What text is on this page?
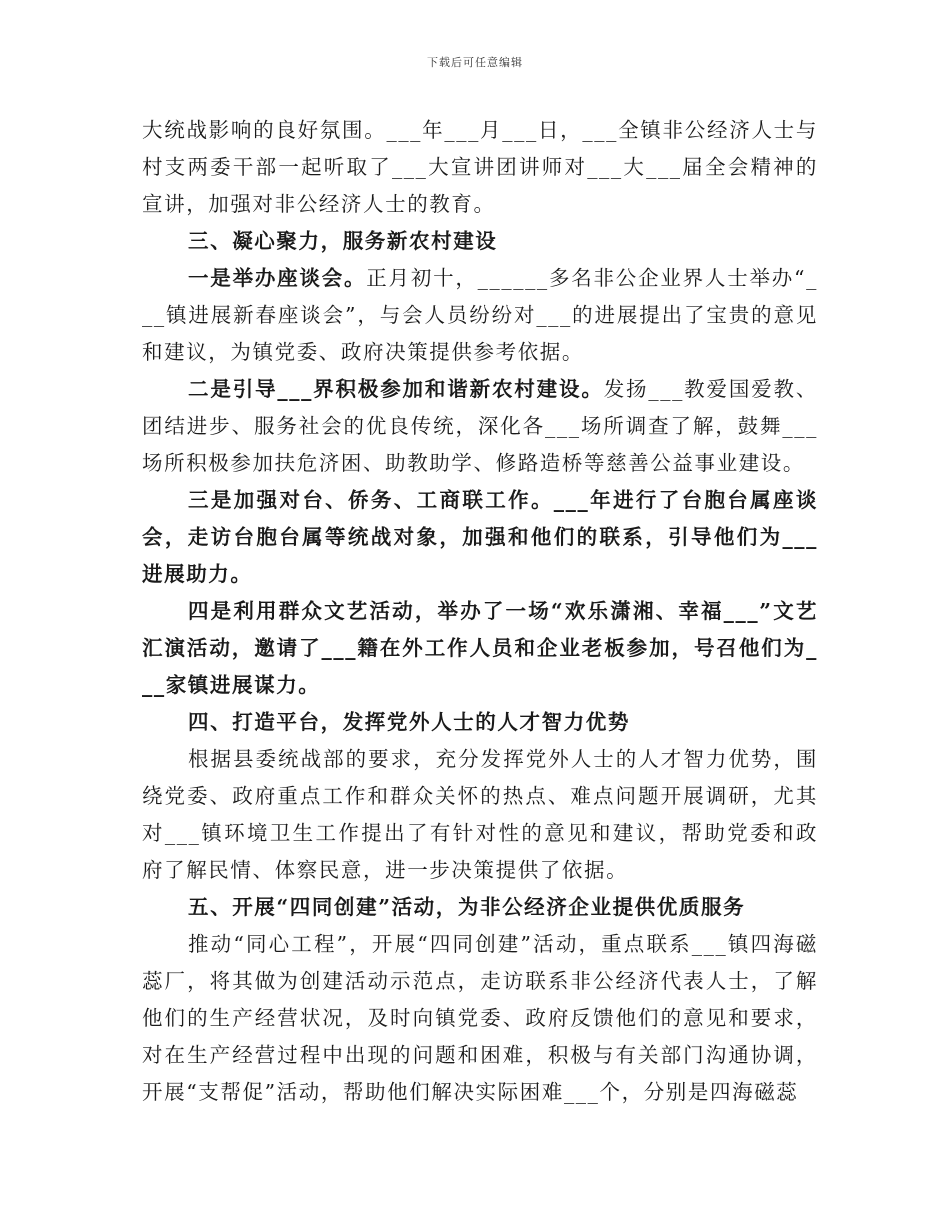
下载后可任意编辑

大统战影响的良好氛围。___年___月___日，___全镇非公经济人士与村支两委干部一起听取了___大宣讲团讲师对___大___届全会精神的宣讲，加强对非公经济人士的教育。

三、凝心聚力，服务新农村建设

一是举办座谈会。正月初十，______多名非公企业界人士举办“___镇进展新春座谈会”，与会人员纷纷对___的进展提出了宝贵的意见和建议，为镇党委、政府决策提供参考依据。

二是引导___界积极参加和谐新农村建设。发扬___教爱国爱教、团结进步、服务社会的优良传统，深化各___场所调查了解，鼓舞___场所积极参加扶危济困、助教助学、修路造桥等慈善公益事业建设。

三是加强对台、侨务、工商联工作。___年进行了台胞台属座谈会，走访台胞台属等统战对象，加强和他们的联系，引导他们为___进展助力。

四是利用群众文艺活动，举办了一场“欢乐潇湘、幸福___”文艺汇演活动，邀请了___籍在外工作人员和企业老板参加，号召他们为___家镇进展谋力。

四、打造平台，发挥党外人士的人才智力优势

根据县委统战部的要求，充分发挥党外人士的人才智力优势，围绕党委、政府重点工作和群众关怀的热点、难点问题开展调研，尤其对___镇环境卫生工作提出了有针对性的意见和建议，帮助党委和政府了解民情、体察民意，进一步决策提供了依据。

五、开展“四同创建”活动，为非公经济企业提供优质服务

推动“同心工程”，开展“四同创建”活动，重点联系___镇四海磁蕊厂，将其做为创建活动示范点，走访联系非公经济代表人士，了解他们的生产经营状况，及时向镇党委、政府反馈他们的意见和要求，对在生产经营过程中出现的问题和困难，积极与有关部门沟通协调，开展“支帮促”活动，帮助他们解决实际困难___个，分别是四海磁蕊
